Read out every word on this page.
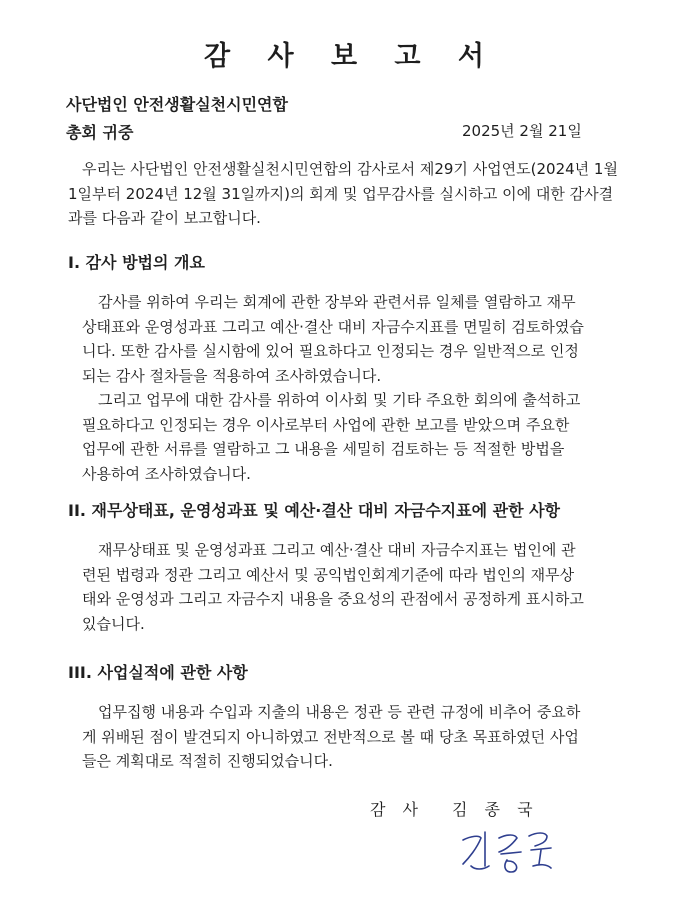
감 사 보 고 서
사단법인 안전생활실천시민연합
총회 귀중	2025년 2월 21일
우리는 사단법인 안전생활실천시민연합의 감사로서 제29기 사업연도(2024년 1월
1일부터 2024년 12월 31일까지)의 회계 및 업무감사를 실시하고 이에 대한 감사결
과를 다음과 같이 보고합니다.
I. 감사 방법의 개요
감사를 위하여 우리는 회계에 관한 장부와 관련서류 일체를 열람하고 재무
상태표와 운영성과표 그리고 예산·결산 대비 자금수지표를 면밀히 검토하였습
니다. 또한 감사를 실시함에 있어 필요하다고 인정되는 경우 일반적으로 인정
되는 감사 절차들을 적용하여 조사하였습니다.
그리고 업무에 대한 감사를 위하여 이사회 및 기타 주요한 회의에 출석하고
필요하다고 인정되는 경우 이사로부터 사업에 관한 보고를 받았으며 주요한
업무에 관한 서류를 열람하고 그 내용을 세밀히 검토하는 등 적절한 방법을
사용하여 조사하였습니다.
II. 재무상태표, 운영성과표 및 예산·결산 대비 자금수지표에 관한 사항
재무상태표 및 운영성과표 그리고 예산·결산 대비 자금수지표는 법인에 관
련된 법령과 정관 그리고 예산서 및 공익법인회계기준에 따라 법인의 재무상
태와 운영성과 그리고 자금수지 내용을 중요성의 관점에서 공정하게 표시하고
있습니다.
III. 사업실적에 관한 사항
업무집행 내용과 수입과 지출의 내용은 정관 등 관련 규정에 비추어 중요하
게 위배된 점이 발견되지 아니하였고 전반적으로 볼 때 당초 목표하였던 사업
들은 계획대로 적절히 진행되었습니다.
감 사 김 종 국
